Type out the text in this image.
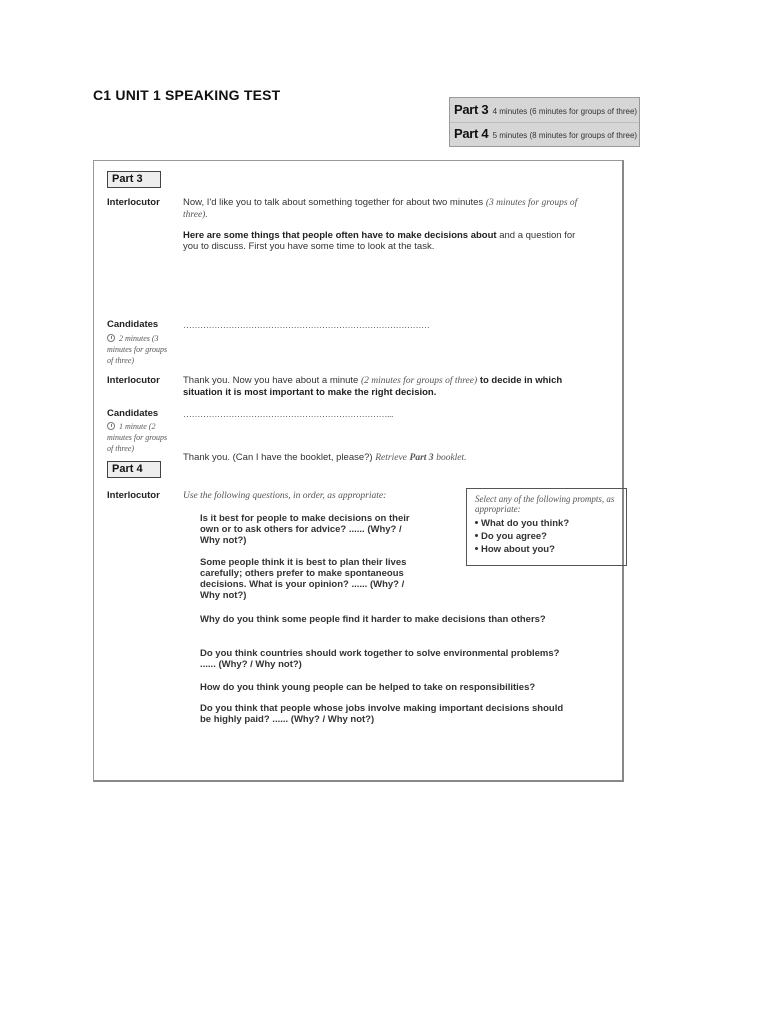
C1 UNIT 1 SPEAKING TEST
Part 3 4 minutes (6 minutes for groups of three)
Part 4 5 minutes (8 minutes for groups of three)
Part 3
Interlocutor Now, I'd like you to talk about something together for about two minutes (3 minutes for groups of three).
Here are some things that people often have to make decisions about and a question for you to discuss. First you have some time to look at the task.
Candidates
2 minutes (3 minutes for groups of three)
……………………………………………………………………………
Interlocutor Thank you. Now you have about a minute (2 minutes for groups of three) to decide in which situation it is most important to make the right decision.
Candidates
1 minute (2 minutes for groups of three)
………………………………………………………………...
Thank you. (Can I have the booklet, please?) Retrieve Part 3 booklet.
Part 4
Interlocutor Use the following questions, in order, as appropriate:
Is it best for people to make decisions on their own or to ask others for advice? ...... (Why? / Why not?)
Some people think it is best to plan their lives carefully; others prefer to make spontaneous decisions. What is your opinion? ...... (Why? / Why not?)
Why do you think some people find it harder to make decisions than others?
Do you think countries should work together to solve environmental problems? ...... (Why? / Why not?)
How do you think young people can be helped to take on responsibilities?
Do you think that people whose jobs involve making important decisions should be highly paid? ...... (Why? / Why not?)
Select any of the following prompts, as appropriate:
What do you think?
Do you agree?
How about you?
